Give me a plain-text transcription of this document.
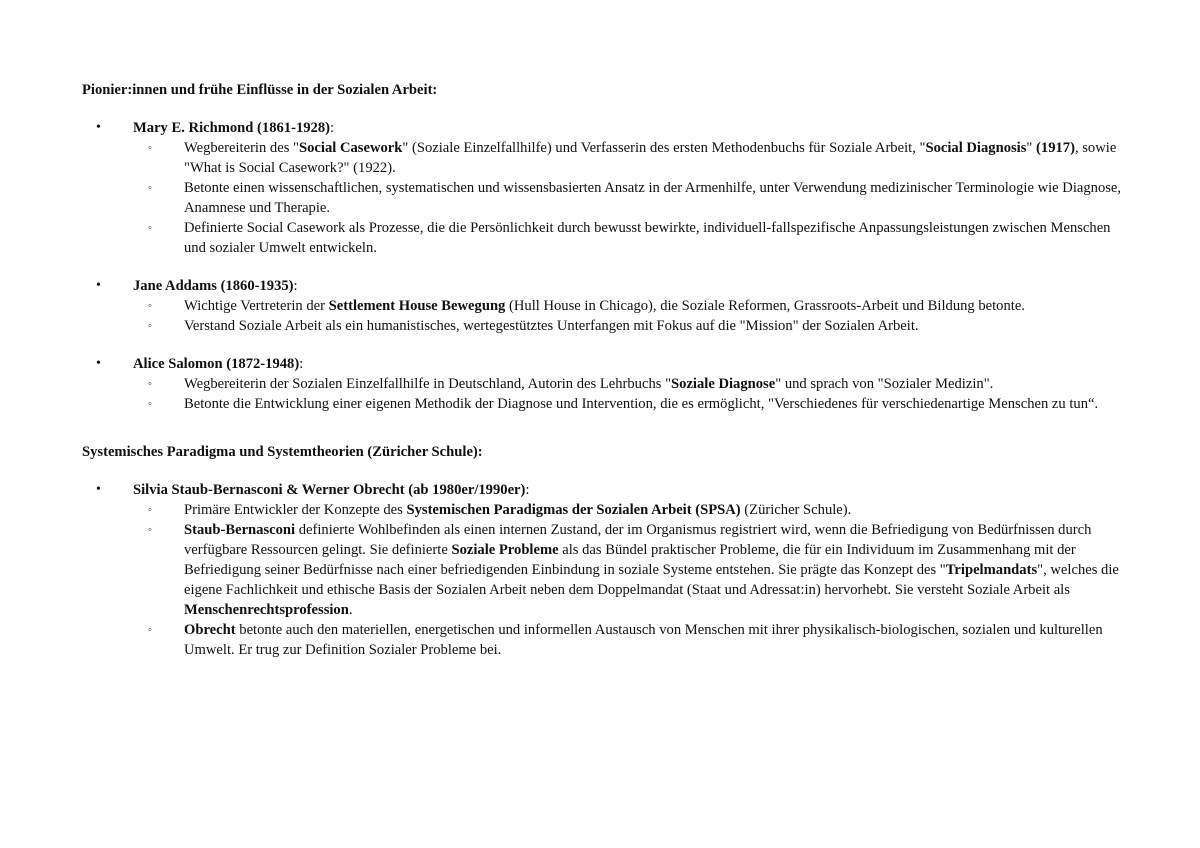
Pionier:innen und frühe Einflüsse in der Sozialen Arbeit:

• Mary E. Richmond (1861-1928):
◦ Wegbereiterin des "Social Casework" (Soziale Einzelfallhilfe) und Verfasserin des ersten Methodenbuchs für Soziale Arbeit, "Social Diagnosis" (1917), sowie "What is Social Casework?" (1922).
◦ Betonte einen wissenschaftlichen, systematischen und wissensbasierten Ansatz in der Armenhilfe, unter Verwendung medizinischer Terminologie wie Diagnose, Anamnese und Therapie.
◦ Definierte Social Casework als Prozesse, die die Persönlichkeit durch bewusst bewirkte, individuell-fallspezifische Anpassungsleistungen zwischen Menschen und sozialer Umwelt entwickeln.
• Jane Addams (1860-1935):
◦ Wichtige Vertreterin der Settlement House Bewegung (Hull House in Chicago), die Soziale Reformen, Grassroots-Arbeit und Bildung betonte.
◦ Verstand Soziale Arbeit als ein humanistisches, wertegestütztes Unterfangen mit Fokus auf die "Mission" der Sozialen Arbeit.
• Alice Salomon (1872-1948):
◦ Wegbereiterin der Sozialen Einzelfallhilfe in Deutschland, Autorin des Lehrbuchs "Soziale Diagnose" und sprach von "Sozialer Medizin".
◦ Betonte die Entwicklung einer eigenen Methodik der Diagnose und Intervention, die es ermöglicht, "Verschiedenes für verschiedenartige Menschen zu tun“.

Systemisches Paradigma und Systemtheorien (Züricher Schule):

• Silvia Staub-Bernasconi & Werner Obrecht (ab 1980er/1990er):
◦ Primäre Entwickler der Konzepte des Systemischen Paradigmas der Sozialen Arbeit (SPSA) (Züricher Schule).
◦ Staub-Bernasconi definierte Wohlbefinden als einen internen Zustand, der im Organismus registriert wird, wenn die Befriedigung von Bedürfnissen durch verfügbare Ressourcen gelingt. Sie definierte Soziale Probleme als das Bündel praktischer Probleme, die für ein Individuum im Zusammenhang mit der Befriedigung seiner Bedürfnisse nach einer befriedigenden Einbindung in soziale Systeme entstehen. Sie prägte das Konzept des "Tripelmandats", welches die eigene Fachlichkeit und ethische Basis der Sozialen Arbeit neben dem Doppelmandat (Staat und Adressat:in) hervorhebt. Sie versteht Soziale Arbeit als Menschenrechtsprofession.
◦ Obrecht betonte auch den materiellen, energetischen und informellen Austausch von Menschen mit ihrer physikalisch-biologischen, sozialen und kulturellen Umwelt. Er trug zur Definition Sozialer Probleme bei.
